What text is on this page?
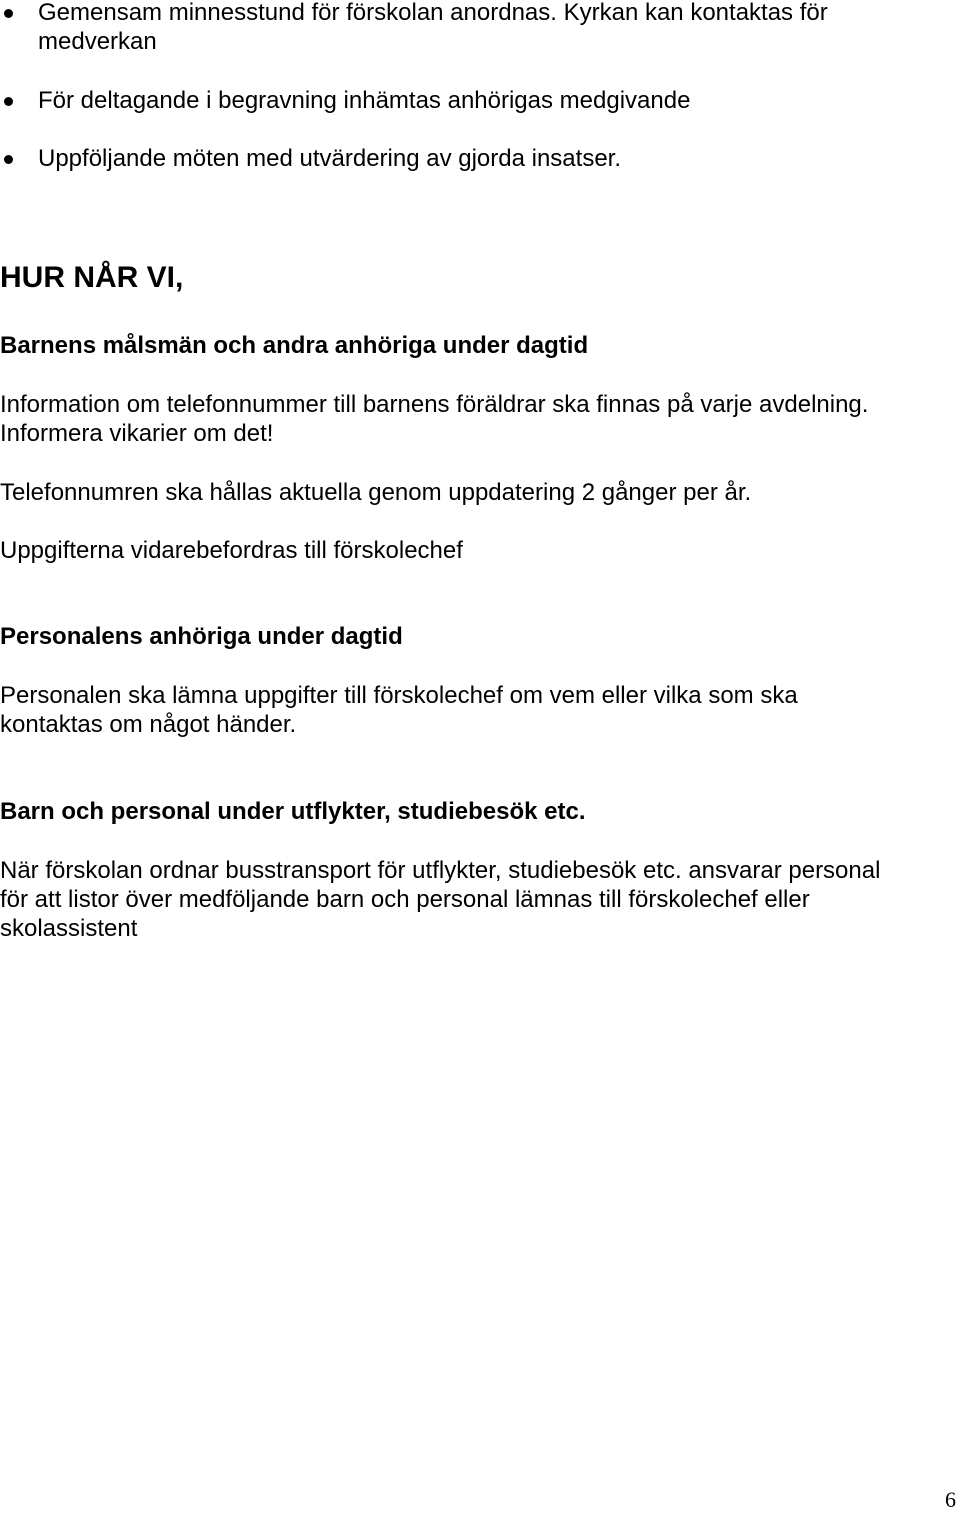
Gemensam minnesstund för förskolan anordnas. Kyrkan kan kontaktas för
medverkan
För deltagande i begravning inhämtas anhörigas medgivande
Uppföljande möten med utvärdering av gjorda insatser.
HUR NÅR VI,
Barnens målsmän och andra anhöriga under dagtid
Information om telefonnummer till barnens föräldrar ska finnas på varje avdelning.
Informera vikarier om det!
Telefonnumren ska hållas aktuella genom uppdatering 2 gånger per år.
Uppgifterna vidarebefordras till förskolechef
Personalens anhöriga under dagtid
Personalen ska lämna uppgifter till förskolechef om vem eller vilka som ska
kontaktas om något händer.
Barn och personal under utflykter, studiebesök etc.
När förskolan ordnar busstransport för utflykter, studiebesök etc. ansvarar personal
för att listor över medföljande barn och personal lämnas till förskolechef eller
skolassistent
6
